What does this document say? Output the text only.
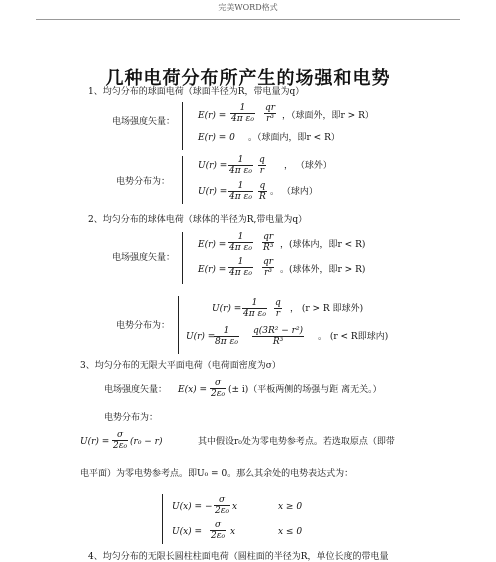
完美WORD格式
几种电荷分布所产生的场强和电势
1、均匀分布的球面电荷（球面半径为R，带电量为q）
电场强度矢量：
$E(r) = \frac{1}{\text{4π ε₀}} \frac{qr}{\text{r³}}$ ，（球面外，即r > R）
E(r) = 0 。（球面内，即r < R）
电势分布为：
$U(r) = \frac{1}{\text{4π ε₀}} \frac{q}{r}$ ， （球外）
$U(r) = \frac{1}{\text{4π ε₀}} \frac{q}{R}$ 。 （球内）
2、均匀分布的球体电荷（球体的半径为R,带电量为q）
电场强度矢量：
$E(r) = \frac{1}{\text{4π ε₀}} \frac{qr}{\text{R³}}$ ，(球体内，即r < R)
$E(r) = \frac{1}{\text{4π ε₀}} \frac{qr}{\text{r³}}$ 。(球体外，即r > R)
电势分布为：
$U(r) = \frac{1}{\text{4π ε₀}} \frac{q}{r}$ ， (r > R 即球外)
U(r) =
$\frac{1}{\text{8π ε₀}} \frac{\text{q(3R² − r²)}}{\text{R³}}$ 。 (r < R即球内)
3、均匀分布的无限大平面电荷（电荷面密度为σ）
电场强度矢量： $E(x) = \frac{\sigma}{\text{2ε₀}}$ (± i)（平板两侧的场强与距 离无关。）
电势分布为：
$U(r) = \frac{\sigma}{\text{2ε₀}} (r_0 - r)$	其中假设r₀处为零电势参考点。若选取原点（即带
电平面）为零电势参考点。即U₀ = 0。那么其余处的电势表达式为：
U(x) = − $\frac{\sigma}{\text{2ε₀}}$ x	x ≥ 0
$U(x) = \frac{\sigma}{\text{2ε₀}}$ x	x ≤ 0
4、均匀分布的无限长圆柱柱面电荷（圆柱面的半径为R，单位长度的带电量
